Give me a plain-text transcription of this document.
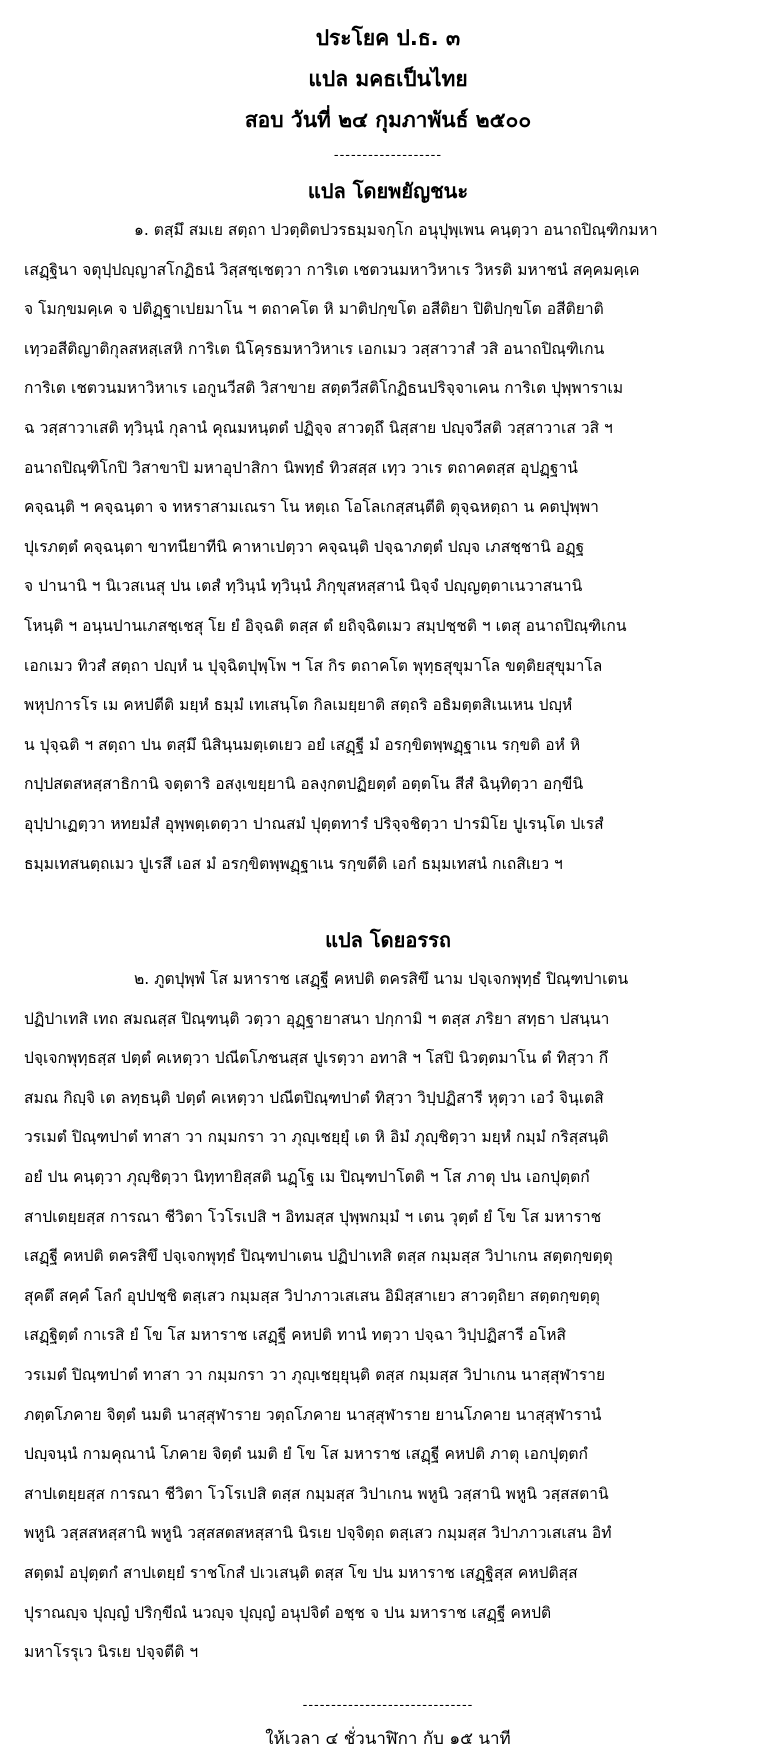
ประโยค ป.ธ. ๓

แปล มคธเป็นไทย

สอบ วันที่ ๒๔ กุมภาพันธ์ ๒๕๐๐

-------------------

แปล โดยพยัญชนะ

๑. ตสฺมึ สมเย สตฺถา ปวตฺติตปวรธมฺมจกฺโก อนุปุพฺเพน คนฺตฺวา อนาถปิณฺฑิกมหา
เสฏฺฐินา จตุปฺปญฺญาสโกฏิธนํ วิสฺสชฺเชตฺวา การิเต เชตวนมหาวิหาเร วิหรติ มหาชนํ สคฺคมคฺเค
จ โมกฺขมคฺเค จ ปติฏฺฐาเปยมาโน ฯ ตถาคโต หิ มาติปกฺขโต อสีติยา ปิติปกฺขโต อสีติยาติ
เทฺวอสีติญาติกุลสหสฺเสหิ การิเต นิโคฺรธมหาวิหาเร เอกเมว วสฺสาวาสํ วสิ อนาถปิณฺฑิเกน
การิเต เชตวนมหาวิหาเร เอกูนวีสติ วิสาขาย สตฺตวีสติโกฏิธนปริจฺจาเคน การิเต ปุพฺพาราเม
ฉ วสฺสาวาเสติ ทฺวินฺนํ กุลานํ คุณมหนฺตตํ ปฏิจฺจ สาวตฺถึ นิสฺสาย ปญฺจวีสติ วสฺสาวาเส วสิ ฯ
อนาถปิณฺฑิโกปิ วิสาขาปิ มหาอุปาสิกา นิพทฺธํ ทิวสสฺส เทฺว วาเร ตถาคตสฺส อุปฏฺฐานํ
คจฺฉนฺติ ฯ คจฺฉนฺตา จ ทหราสามเณรา โน หตฺเถ โอโลเกสฺสนฺตีติ ตุจฺฉหตฺถา น คตปุพฺพา
ปุเรภตฺตํ คจฺฉนฺตา ขาทนียาทีนิ คาหาเปตฺวา คจฺฉนฺติ ปจฺฉาภตฺตํ ปญฺจ เภสชฺชานิ อฏฺฐ
จ ปานานิ ฯ นิเวสเนสุ ปน เตสํ ทฺวินฺนํ ทฺวินฺนํ ภิกฺขุสหสฺสานํ นิจฺจํ ปญฺญตฺตาเนวาสนานิ
โหนฺติ ฯ อนฺนปานเภสชฺเชสุ โย ยํ อิจฺฉติ ตสฺส ตํ ยถิจฺฉิตเมว สมฺปชฺชติ ฯ เตสุ อนาถปิณฺฑิเกน
เอกเมว ทิวสํ สตฺถา ปญฺหํ น ปุจฺฉิตปุพฺโพ ฯ โส กิร ตถาคโต พุทฺธสุขุมาโล ขตฺติยสุขุมาโล
พหุปการโร เม คหปตีติ มยฺหํ ธมฺมํ เทเสนฺโต กิลเมยฺยาติ สตฺถริ อธิมตฺตสิเนเหน ปญฺหํ
น ปุจฺฉติ ฯ สตฺถา ปน ตสฺมึ นิสินฺนมตฺเตเยว อยํ เสฏฺฐี มํ อรกฺขิตพฺพฏฺฐาเน รกฺขติ อหํ หิ
กปฺปสตสหสฺสาธิกานิ จตฺตาริ อสงฺเขยฺยานิ อลงฺกตปฏิยตฺตํ อตฺตโน สีสํ ฉินฺทิตฺวา อกฺขีนิ
อุปฺปาเฏตฺวา หทยมํสํ อุพฺพตฺเตตฺวา ปาณสมํ ปุตฺตทารํ ปริจฺจชิตฺวา ปารมิโย ปูเรนฺโต ปเรสํ
ธมฺมเทสนตฺถเมว ปูเรสึ เอส มํ อรกฺขิตพฺพฏฺฐาเน รกฺขตีติ เอกํ ธมฺมเทสนํ กเถสิเยว ฯ

แปล โดยอรรถ

๒. ภูตปุพฺพํ โส มหาราช เสฏฺฐี คหปติ ตครสิขึ นาม ปจฺเจกพุทฺธํ ปิณฺฑปาเตน
ปฏิปาเทสิ เทถ สมณสฺส ปิณฺฑนฺติ วตฺวา อุฏฺฐายาสนา ปกฺกามิ ฯ ตสฺส ภริยา สทฺธา ปสนฺนา
ปจฺเจกพุทฺธสฺส ปตฺตํ คเหตฺวา ปณีตโภชนสฺส ปูเรตฺวา อทาสิ ฯ โสปิ นิวตฺตมาโน ตํ ทิสฺวา กึ
สมณ กิญฺจิ เต ลทฺธนฺติ ปตฺตํ คเหตฺวา ปณีตปิณฺฑปาตํ ทิสฺวา วิปฺปฏิสารี หุตฺวา เอวํ จินฺเตสิ
วรเมตํ ปิณฺฑปาตํ ทาสา วา กมฺมกรา วา ภุญฺเชยฺยุํ เต หิ อิมํ ภุญฺชิตฺวา มยฺหํ กมฺมํ กริสฺสนฺติ
อยํ ปน คนฺตฺวา ภุญฺชิตฺวา นิทฺทายิสฺสติ นฏฺโฐ เม ปิณฺฑปาโตติ ฯ โส ภาตุ ปน เอกปุตฺตกํ
สาปเตยฺยสฺส การณา ชีวิตา โวโรเปสิ ฯ อิทมสฺส ปุพฺพกมฺมํ ฯ เตน วุตฺตํ ยํ โข โส มหาราช
เสฏฺฐี คหปติ ตครสิขึ ปจฺเจกพุทฺธํ ปิณฺฑปาเตน ปฏิปาเทสิ ตสฺส กมฺมสฺส วิปาเกน สตฺตกฺขตฺตุ
สุคตึ สคฺคํ โลกํ อุปปชฺชิ ตสฺเสว กมฺมสฺส วิปาภาวเสเสน อิมิสฺสาเยว สาวตฺถิยา สตฺตกฺขตฺตุ
เสฏฺฐิตฺตํ กาเรสิ ยํ โข โส มหาราช เสฏฺฐี คหปติ ทานํ ทตฺวา ปจฺฉา วิปฺปฏิสารี อโหสิ
วรเมตํ ปิณฺฑปาตํ ทาสา วา กมฺมกรา วา ภุญฺเชยฺยุนฺติ ตสฺส กมฺมสฺส วิปาเกน นาสฺสุฬาราย
ภตฺตโภคาย จิตฺตํ นมติ นาสฺสุฬาราย วตฺถโภคาย นาสฺสุฬาราย ยานโภคาย นาสฺสุฬารานํ
ปญฺจนฺนํ กามคุณานํ โภคาย จิตฺตํ นมติ ยํ โข โส มหาราช เสฏฺฐี คหปติ ภาตุ เอกปุตฺตกํ
สาปเตยฺยสฺส การณา ชีวิตา โวโรเปสิ ตสฺส กมฺมสฺส วิปาเกน พหูนิ วสฺสานิ พหูนิ วสฺสสตานิ
พหูนิ วสฺสสหสฺสานิ พหูนิ วสฺสสตสหสฺสานิ นิรเย ปจฺจิตฺถ ตสฺเสว กมฺมสฺส วิปาภาวเสเสน อิทํ
สตฺตมํ อปุตฺตกํ สาปเตยฺยํ ราชโกสํ ปเวเสนฺติ ตสฺส โข ปน มหาราช เสฏฺฐิสฺส คหปติสฺส
ปุราณญฺจ ปุญฺญํ ปริกฺขีณํ นวญฺจ ปุญฺญํ อนุปจิตํ อชฺช จ ปน มหาราช เสฏฺฐี คหปติ
มหาโรรุเว นิรเย ปจฺจตีติ ฯ
------------------------------

ให้เวลา ๔ ชั่วนาฬิกา กับ ๑๕ นาที
